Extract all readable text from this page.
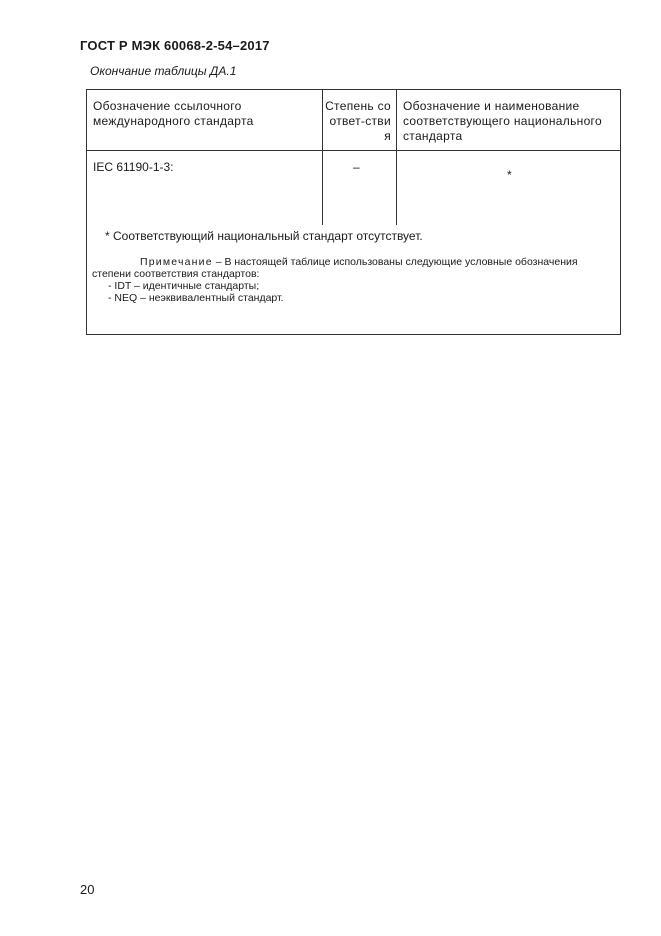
ГОСТ Р МЭК 60068-2-54–2017
Окончание таблицы ДА.1
Обозначение ссылочного международного стандарта
Степень соответ-ствия
Обозначение и наименование соответствующего национального стандарта
IEC 61190-1-3:	–
*
* Соответствующий национальный стандарт отсутствует.
Примечание – В настоящей таблице использованы следующие условные обозначения степени соответствия стандартов:
- IDT – идентичные стандарты;
- NEQ – неэквивалентный стандарт.
20
